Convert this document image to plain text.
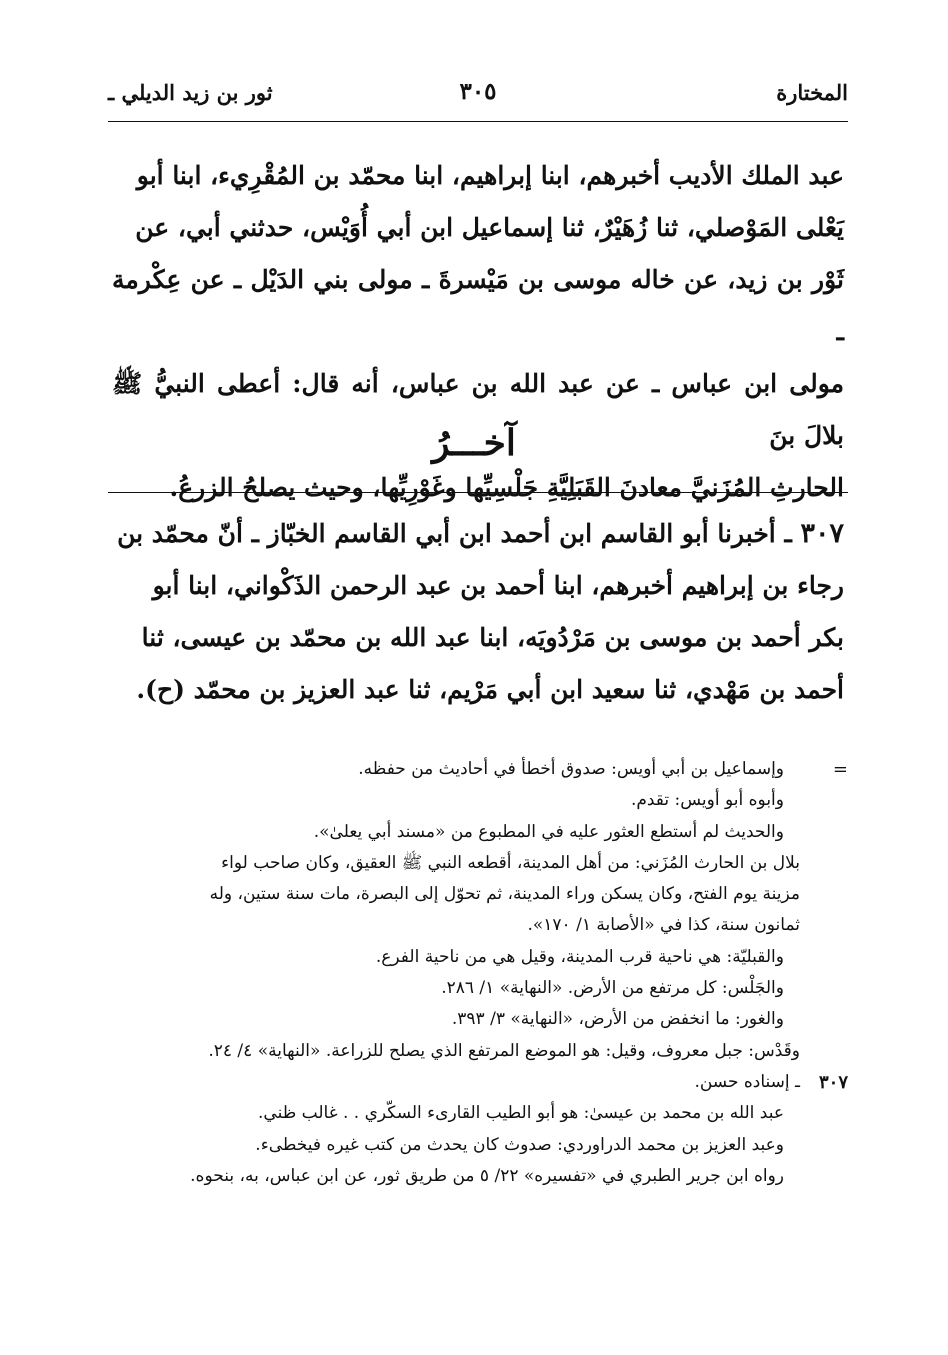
المختارة
٣٠٥
ثور بن زيد الديلي ـ

عبد الملك الأديب أخبرهم، ابنا إبراهيم، ابنا محمّد بن المُقْرِيء، ابنا أبو

يَعْلى المَوْصلي، ثنا زُهَيْرٌ، ثنا إسماعيل ابن أبي أُوَيْس، حدثني أبي، عن

ثَوْر بن زيد، عن خاله موسى بن مَيْسرةَ ـ مولى بني الدَيْل ـ عن عِكْرمة ـ

مولى ابن عباس ـ عن عبد الله بن عباس، أنه قال: أعطى النبيُّ ﷺ بلالَ بنَ

الحارثِ المُزَنيَّ معادنَ القَبَلِيَّةِ جَلْسِيِّها وغَوْرِيِّها، وحيث يصلحُ الزرعُ.

آخـــرُ

٣٠٧ ـ أخبرنا أبو القاسم ابن أحمد ابن أبي القاسم الخبّاز ـ أنّ محمّد بن

رجاء بن إبراهيم أخبرهم، ابنا أحمد بن عبد الرحمن الذَكْواني، ابنا أبو

بكر أحمد بن موسى بن مَرْدُويَه، ابنا عبد الله بن محمّد بن عيسى، ثنا

أحمد بن مَهْدي، ثنا سعيد ابن أبي مَرْيم، ثنا عبد العزيز بن محمّد (ح).

=
وإسماعيل بن أبي أويس: صدوق أخطأ في أحاديث من حفظه.
وأبوه أبو أويس: تقدم.
والحديث لم أستطع العثور عليه في المطبوع من «مسند أبي يعلىٰ».
بلال بن الحارث المُزَني: من أهل المدينة، أقطعه النبي ﷺ العقيق، وكان صاحب لواء
مزينة يوم الفتح، وكان يسكن وراء المدينة، ثم تحوّل إلى البصرة، مات سنة ستين، وله
ثمانون سنة، كذا في «الأصابة ١/ ١٧٠».
والقبليّة: هي ناحية قرب المدينة، وقيل هي من ناحية الفرع.
والجَلْس: كل مرتفع من الأرض. «النهاية» ١/ ٢٨٦.
والغور: ما انخفض من الأرض، «النهاية» ٣/ ٣٩٣.
وقَدْس: جبل معروف، وقيل: هو الموضع المرتفع الذي يصلح للزراعة. «النهاية» ٤/ ٢٤.
٣٠٧
ـ إسناده حسن.
عبد الله بن محمد بن عيسىٰ: هو أبو الطيب القارىء السكّري . . غالب ظني.
وعبد العزيز بن محمد الدراوردي: صدوث كان يحدث من كتب غيره فيخطىء.
رواه ابن جرير الطبري في «تفسيره» ٢٢/ ٥ من طريق ثور، عن ابن عباس، به، بنحوه.
